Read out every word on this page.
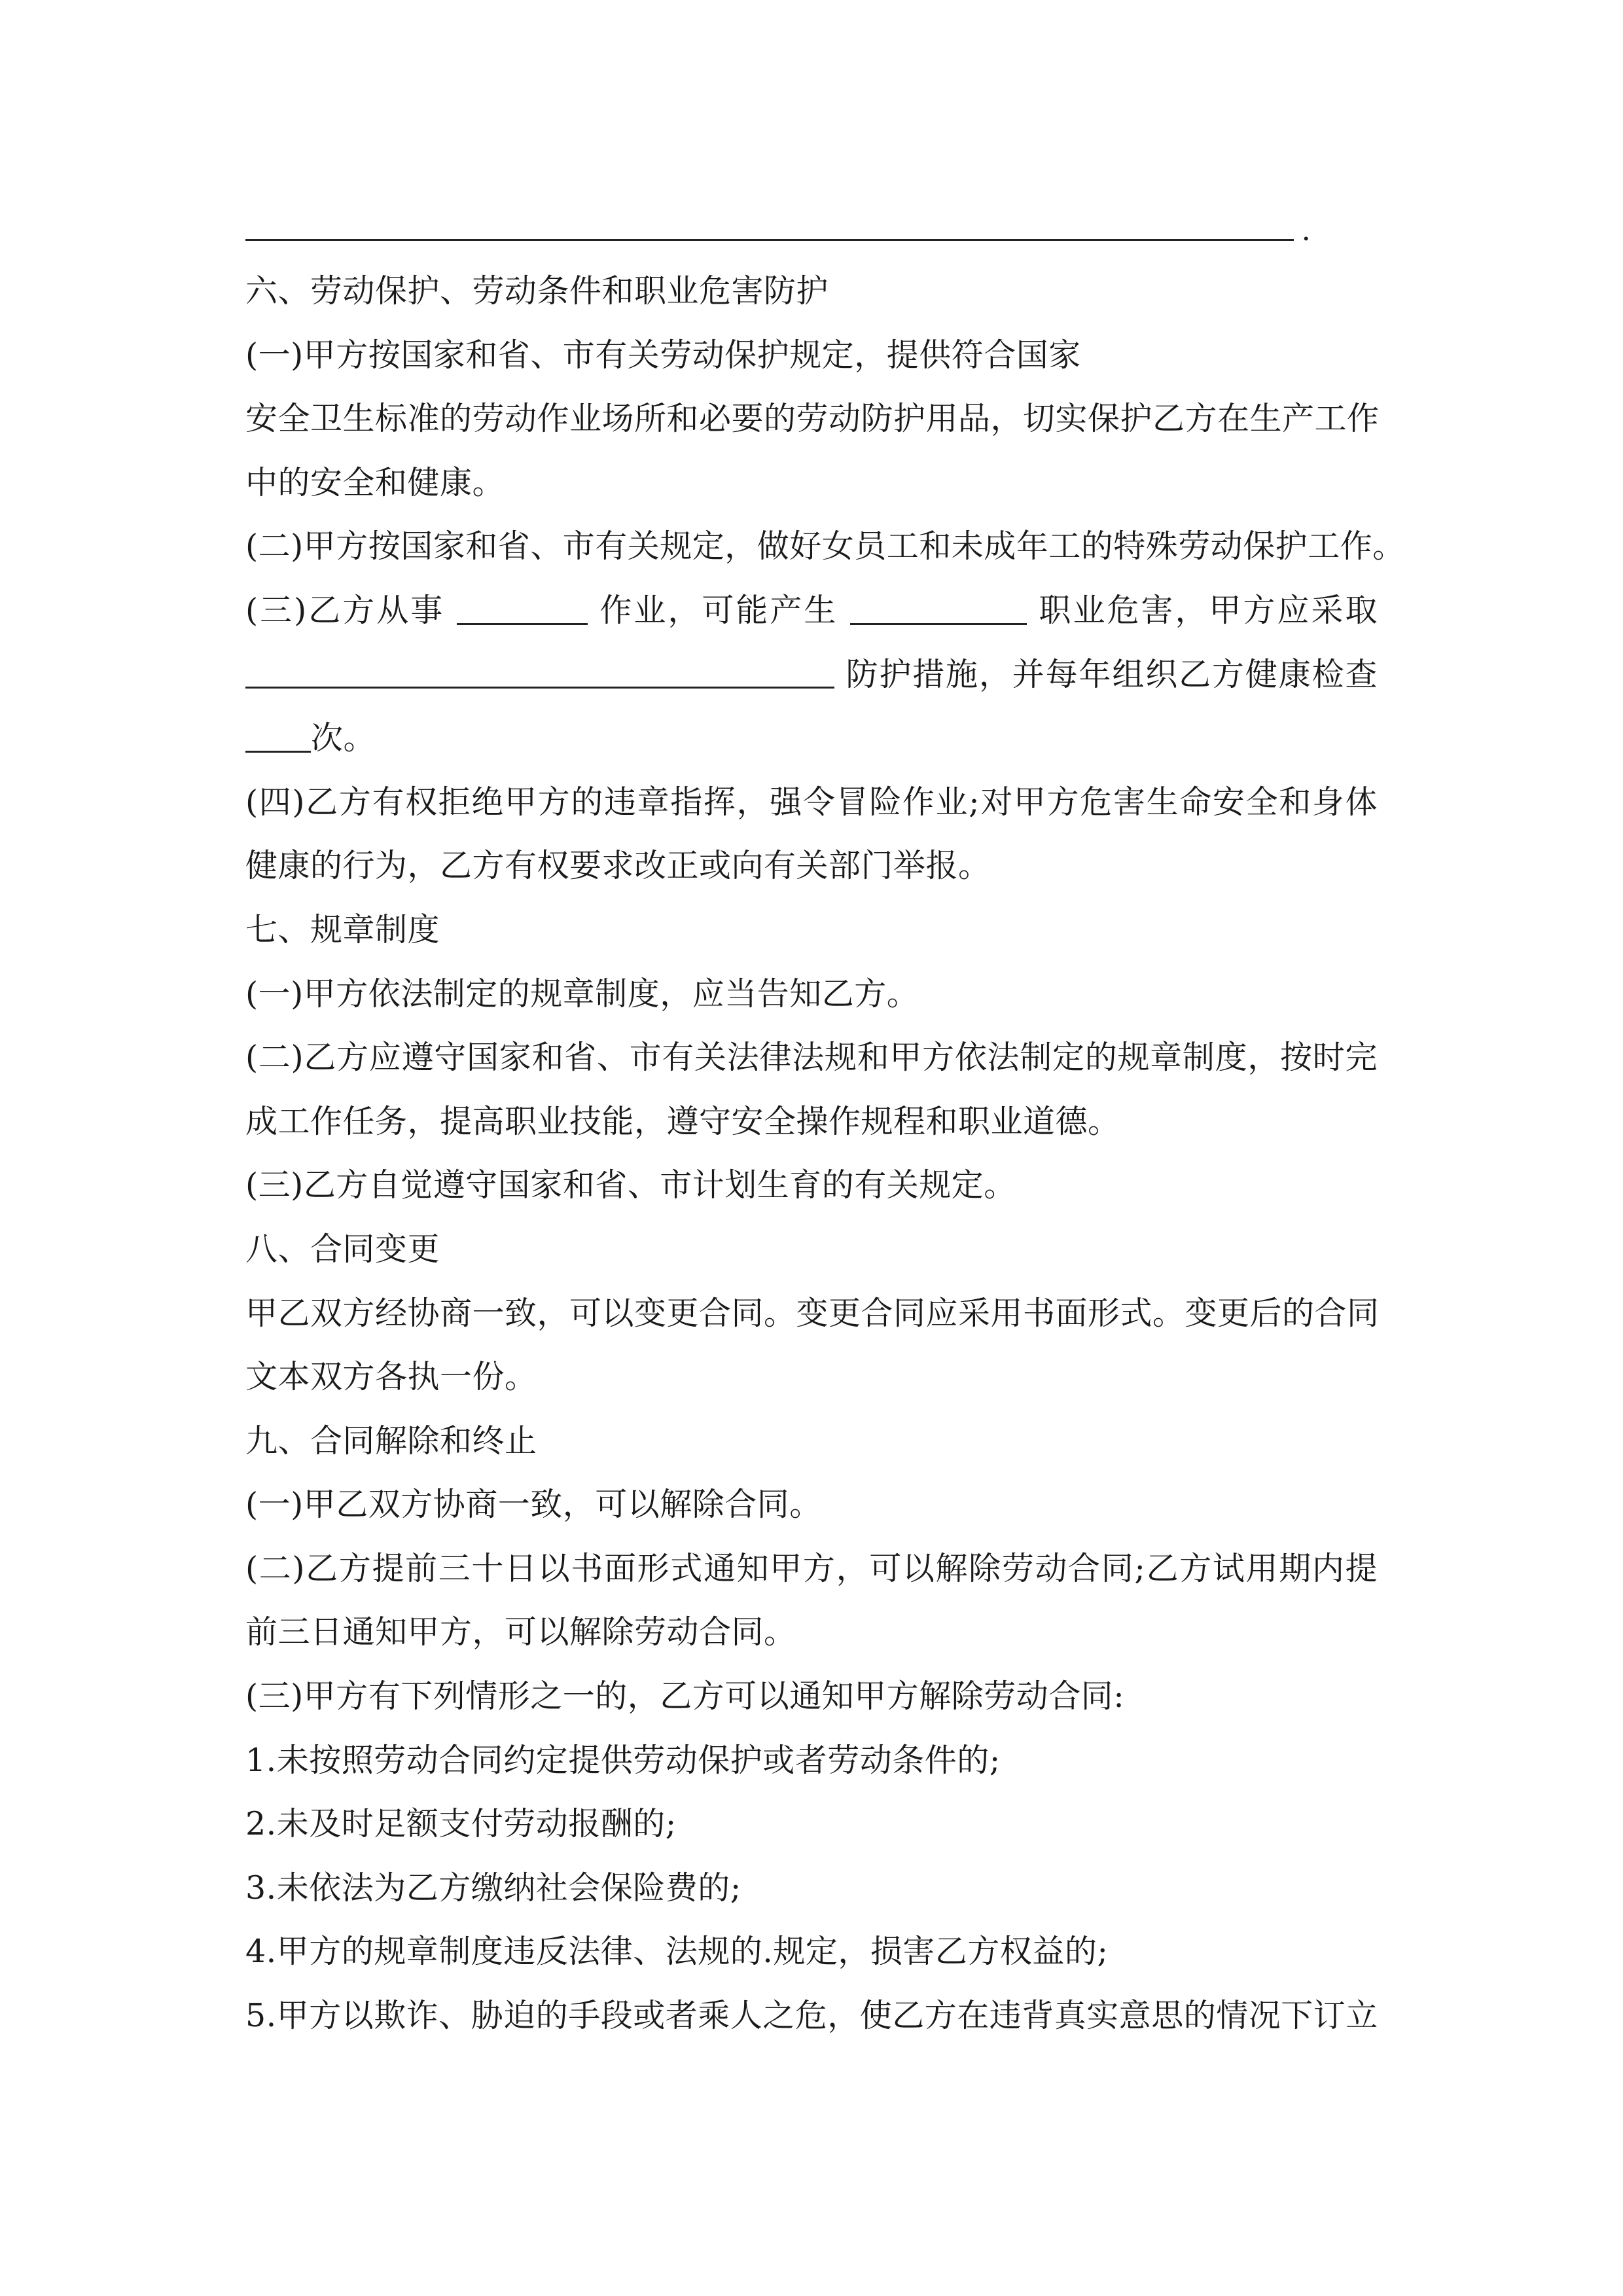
.
六、劳动保护、劳动条件和职业危害防护
(一)甲方按国家和省、市有关劳动保护规定，提供符合国家
安全卫生标准的劳动作业场所和必要的劳动防护用品，切实保护乙方在生产工作
中的安全和健康。
(二)甲方按国家和省、市有关规定，做好女员工和未成年工的特殊劳动保护工作。
(三)乙方从事	作业，可能产生	职业危害，甲方应采取
防护措施，并每年组织乙方健康检查
次。
(四)乙方有权拒绝甲方的违章指挥，强令冒险作业;对甲方危害生命安全和身体
健康的行为，乙方有权要求改正或向有关部门举报。
七、规章制度
(一)甲方依法制定的规章制度，应当告知乙方。
(二)乙方应遵守国家和省、市有关法律法规和甲方依法制定的规章制度，按时完
成工作任务，提高职业技能，遵守安全操作规程和职业道德。
(三)乙方自觉遵守国家和省、市计划生育的有关规定。
八、合同变更
甲乙双方经协商一致，可以变更合同。变更合同应采用书面形式。变更后的合同
文本双方各执一份。
九、合同解除和终止
(一)甲乙双方协商一致，可以解除合同。
(二)乙方提前三十日以书面形式通知甲方，可以解除劳动合同;乙方试用期内提
前三日通知甲方，可以解除劳动合同。
(三)甲方有下列情形之一的，乙方可以通知甲方解除劳动合同:
1.未按照劳动合同约定提供劳动保护或者劳动条件的;
2.未及时足额支付劳动报酬的;
3.未依法为乙方缴纳社会保险费的;
4.甲方的规章制度违反法律、法规的.规定，损害乙方权益的;
5.甲方以欺诈、胁迫的手段或者乘人之危，使乙方在违背真实意思的情况下订立
